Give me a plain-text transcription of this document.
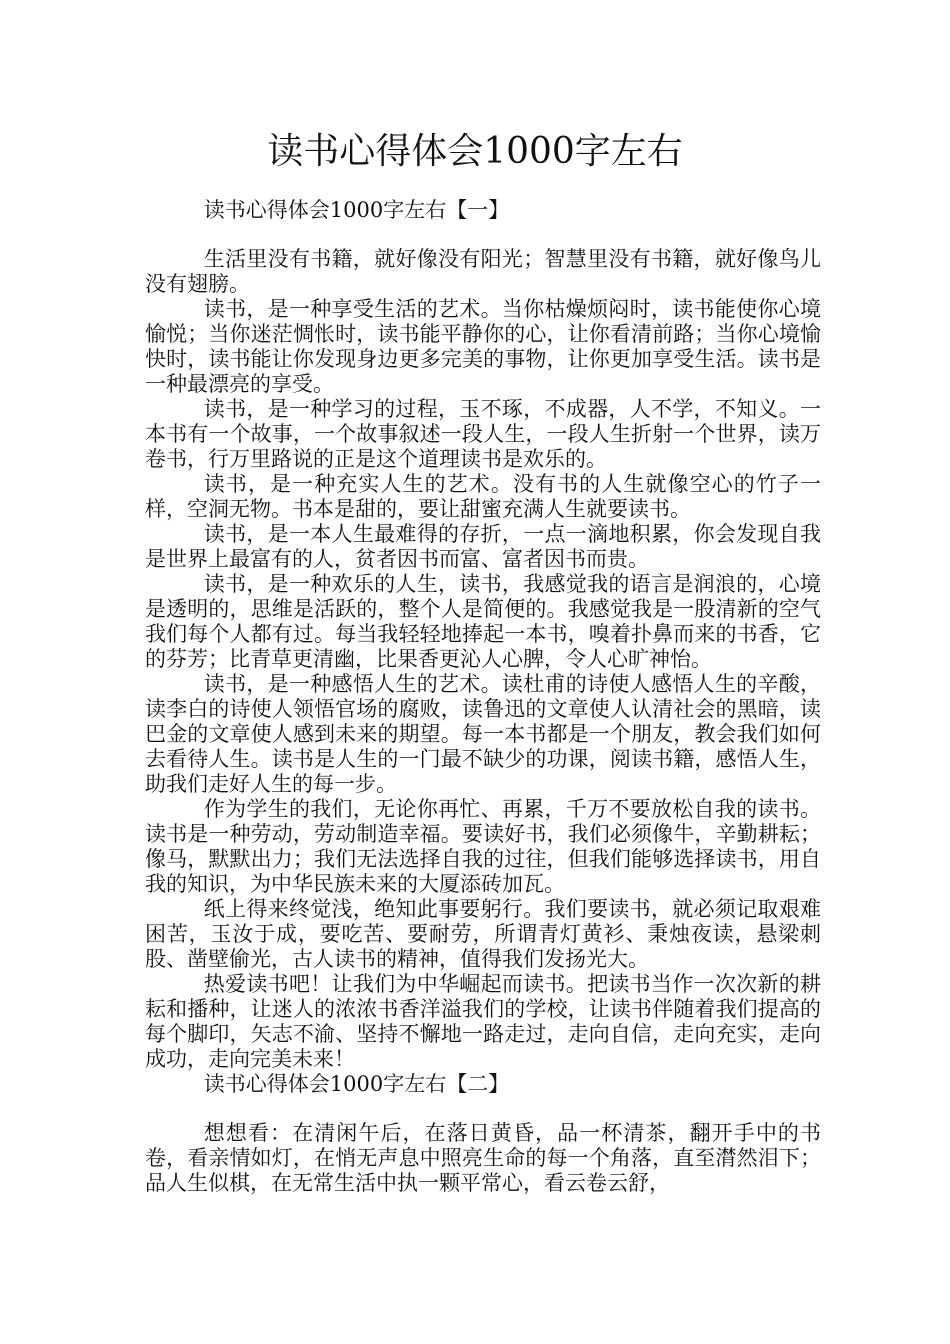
读书心得体会1000字左右
读书心得体会1000字左右【一】

生活里没有书籍，就好像没有阳光；智慧里没有书籍，就好像鸟儿没有翅膀。

读书，是一种享受生活的艺术。当你枯燥烦闷时，读书能使你心境愉悦；当你迷茫惆怅时，读书能平静你的心，让你看清前路；当你心境愉快时，读书能让你发现身边更多完美的事物，让你更加享受生活。读书是一种最漂亮的享受。

读书，是一种学习的过程，玉不琢，不成器，人不学，不知义。一本书有一个故事，一个故事叙述一段人生，一段人生折射一个世界，读万卷书，行万里路说的正是这个道理读书是欢乐的。

读书，是一种充实人生的艺术。没有书的人生就像空心的竹子一样，空洞无物。书本是甜的，要让甜蜜充满人生就要读书。

读书，是一本人生最难得的存折，一点一滴地积累，你会发现自我是世界上最富有的人，贫者因书而富、富者因书而贵。

读书，是一种欢乐的人生，读书，我感觉我的语言是润浪的，心境是透明的，思维是活跃的，整个人是简便的。我感觉我是一股清新的空气我们每个人都有过。每当我轻轻地捧起一本书，嗅着扑鼻而来的书香，它的芬芳；比青草更清幽，比果香更沁人心脾，令人心旷神怡。

读书，是一种感悟人生的艺术。读杜甫的诗使人感悟人生的辛酸，读李白的诗使人领悟官场的腐败，读鲁迅的文章使人认清社会的黑暗，读巴金的文章使人感到未来的期望。每一本书都是一个朋友，教会我们如何去看待人生。读书是人生的一门最不缺少的功课，阅读书籍，感悟人生，助我们走好人生的每一步。

作为学生的我们，无论你再忙、再累，千万不要放松自我的读书。读书是一种劳动，劳动制造幸福。要读好书，我们必须像牛，辛勤耕耘；像马，默默出力；我们无法选择自我的过往，但我们能够选择读书，用自我的知识，为中华民族未来的大厦添砖加瓦。

纸上得来终觉浅，绝知此事要躬行。我们要读书，就必须记取艰难困苦，玉汝于成，要吃苦、要耐劳，所谓青灯黄衫、秉烛夜读，悬梁刺股、凿壁偷光，古人读书的精神，值得我们发扬光大。

热爱读书吧！让我们为中华崛起而读书。把读书当作一次次新的耕耘和播种，让迷人的浓浓书香洋溢我们的学校，让读书伴随着我们提高的每个脚印，矢志不渝、坚持不懈地一路走过，走向自信，走向充实，走向成功，走向完美未来！

读书心得体会1000字左右【二】

想想看：在清闲午后，在落日黄昏，品一杯清茶，翻开手中的书卷，看亲情如灯，在悄无声息中照亮生命的每一个角落，直至潸然泪下；品人生似棋，在无常生活中执一颗平常心，看云卷云舒，
